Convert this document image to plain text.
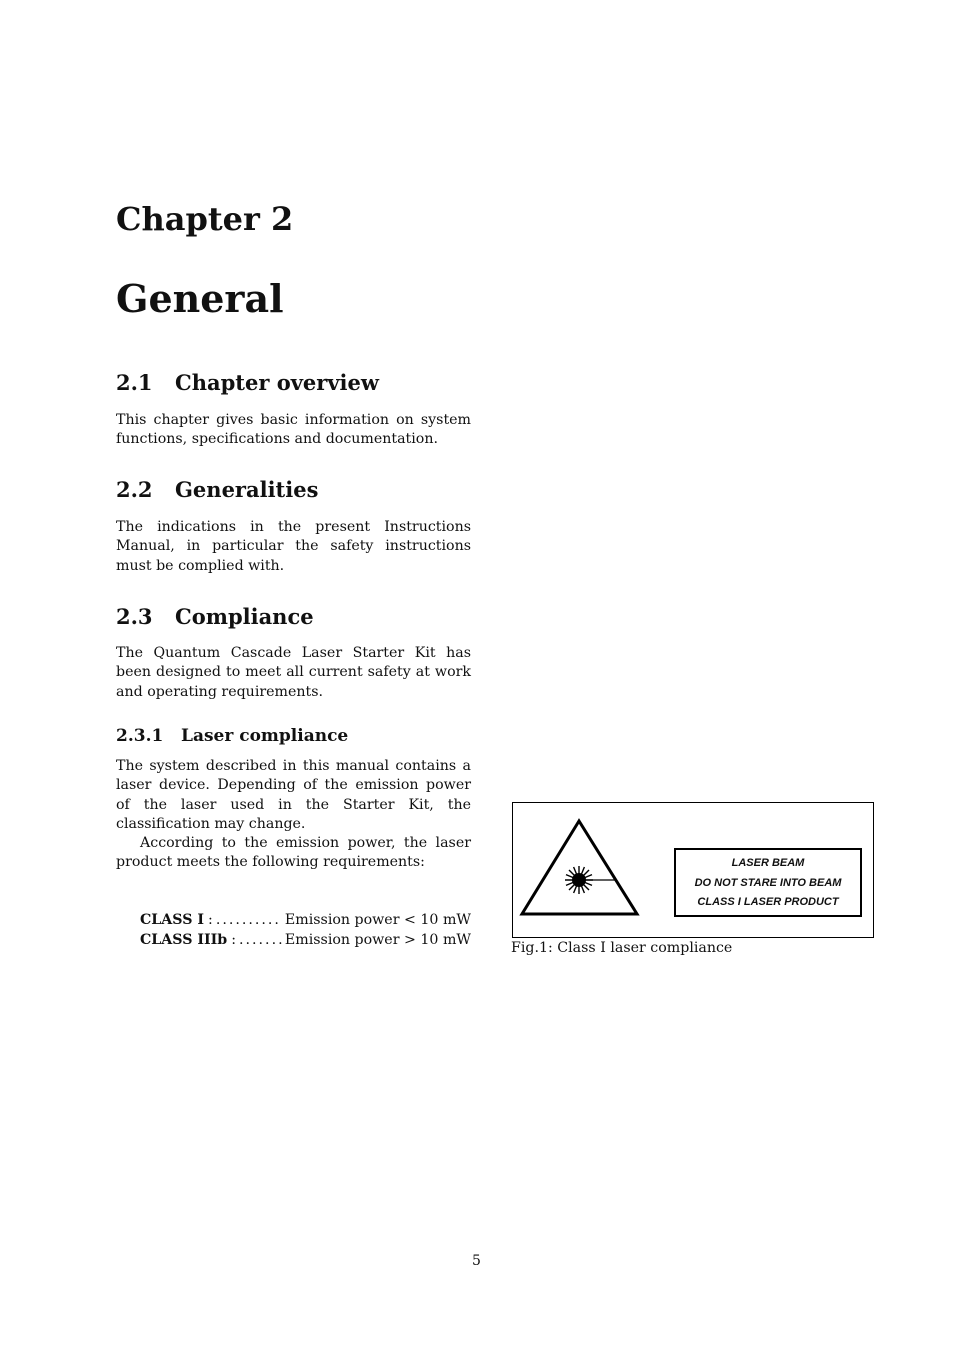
Chapter 2
General
2.1 Chapter overview

This chapter gives basic information on system functions, specifications and documentation.

2.2 Generalities

The indications in the present Instructions Manual, in particular the safety instructions must be complied with.

2.3 Compliance

The Quantum Cascade Laser Starter Kit has been designed to meet all current safety at work and operating requirements.

2.3.1 Laser compliance

The system described in this manual contains a laser device. Depending of the emission power of the laser used in the Starter Kit, the classification may change.

According to the emission power, the laser product meets the following requirements:

CLASS I : .....	Emission power < 10 mW
CLASS IIIb : .....	Emission power > 10 mW
LASER BEAM
DO NOT STARE INTO BEAM
CLASS I LASER PRODUCT
Fig.1: Class I laser compliance
5
